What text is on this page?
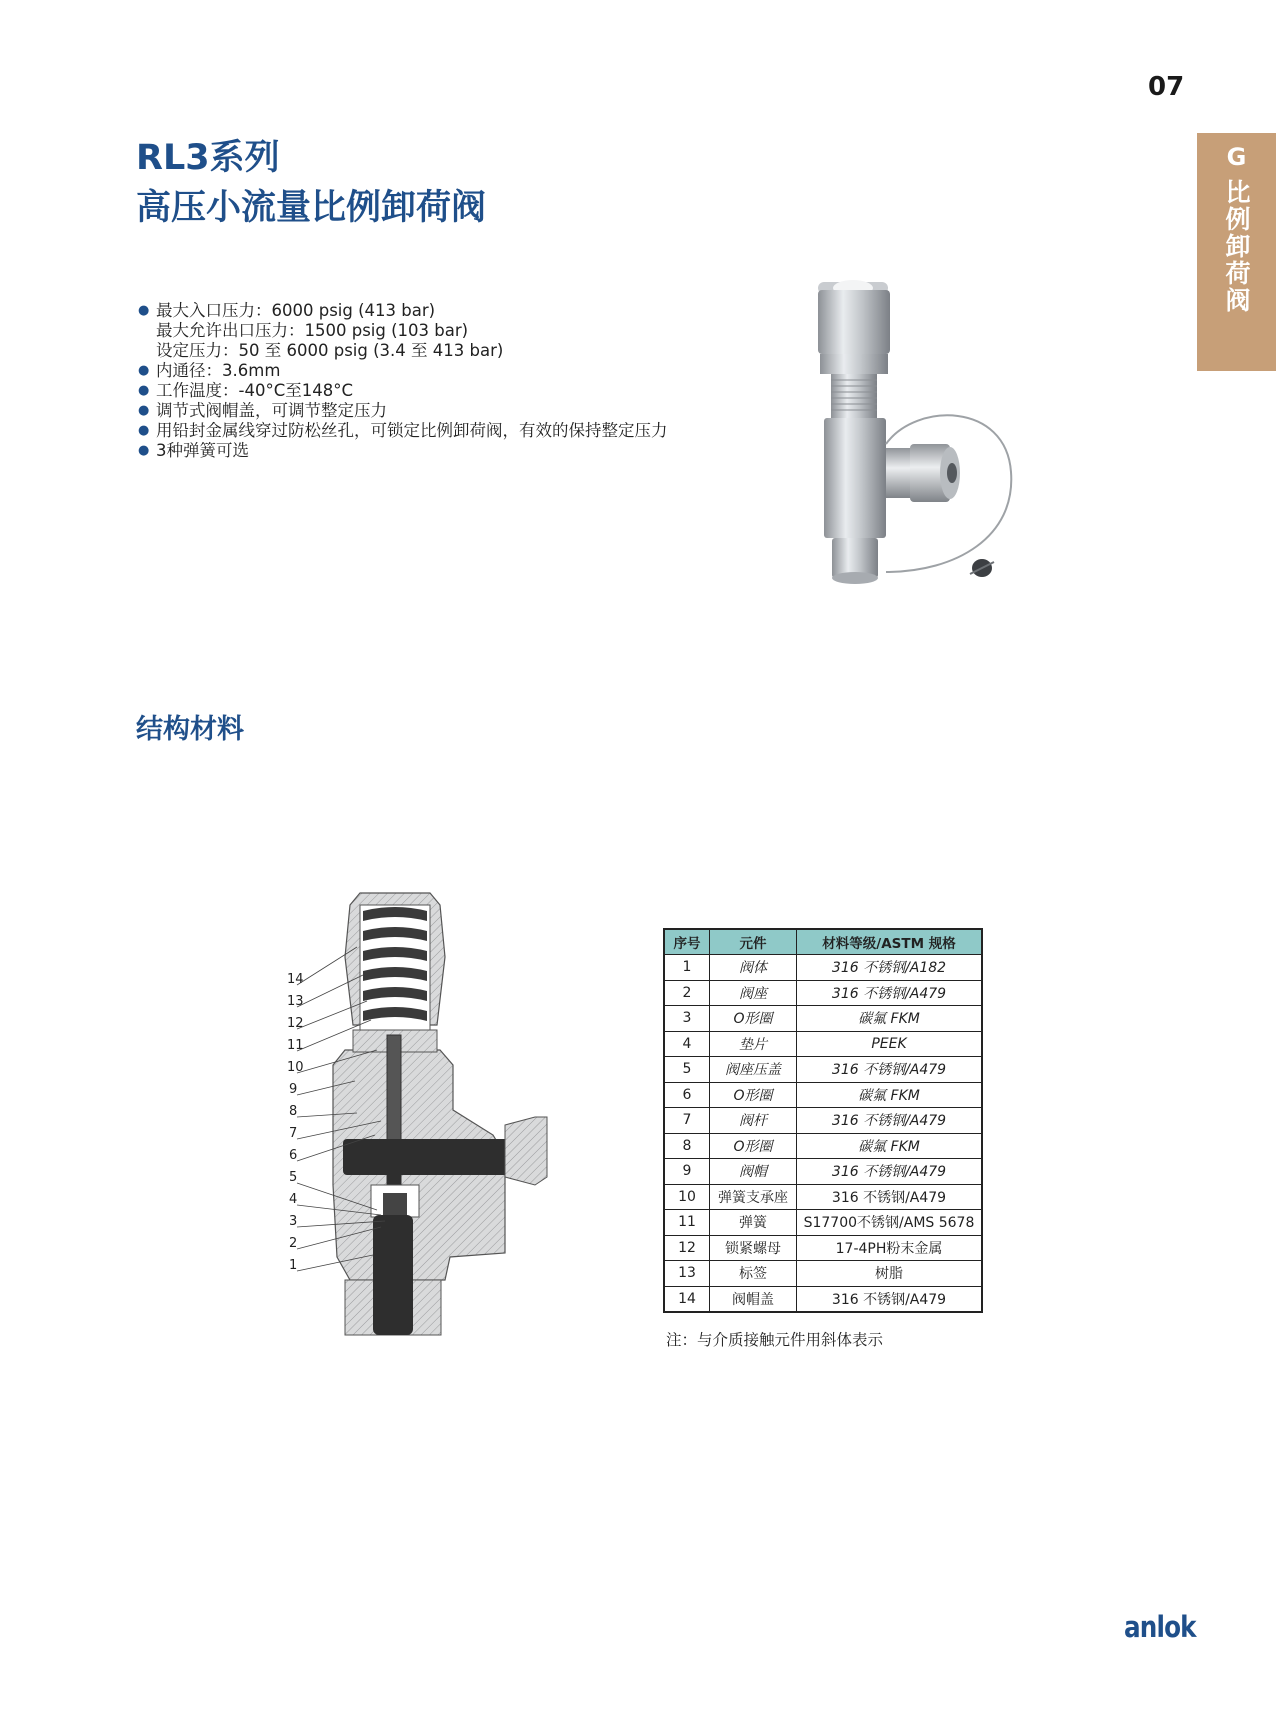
07
G
比例卸荷阀
RL3系列
高压小流量比例卸荷阀
● 最大入口压力：6000 psig (413 bar)
最大允许出口压力：1500 psig (103 bar)
设定压力：50 至 6000 psig (3.4 至 413 bar)
● 内通径：3.6mm
● 工作温度：-40°C至148°C
● 调节式阀帽盖，可调节整定压力
● 用铅封金属线穿过防松丝孔，可锁定比例卸荷阀，有效的保持整定压力
● 3种弹簧可选
结构材料
14
13
12
11
10
9
8
7
6
5
4
3
2
1
序号	元件	材料等级/ASTM 规格
1	阀体	316 不锈钢/A182
2	阀座	316 不锈钢/A479
3	O形圈	碳氟 FKM
4	垫片	PEEK
5	阀座压盖	316 不锈钢/A479
6	O形圈	碳氟 FKM
7	阀杆	316 不锈钢/A479
8	O形圈	碳氟 FKM
9	阀帽	316 不锈钢/A479
10	弹簧支承座	316 不锈钢/A479
11	弹簧	S17700不锈钢/AMS 5678
12	锁紧螺母	17-4PH粉末金属
13	标签	树脂
14	阀帽盖	316 不锈钢/A479
注：与介质接触元件用斜体表示
anlok
